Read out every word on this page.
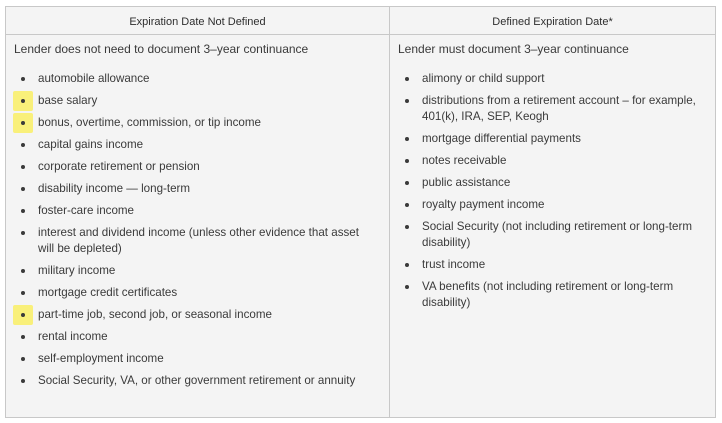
Expiration Date Not Defined
Lender does not need to document 3–year continuance
automobile allowance
base salary
bonus, overtime, commission, or tip income
capital gains income
corporate retirement or pension
disability income — long-term
foster-care income
interest and dividend income (unless other evidence that asset will be depleted)
military income
mortgage credit certificates
part-time job, second job, or seasonal income
rental income
self-employment income
Social Security, VA, or other government retirement or annuity
Defined Expiration Date*
Lender must document 3–year continuance
alimony or child support
distributions from a retirement account – for example, 401(k), IRA, SEP, Keogh
mortgage differential payments
notes receivable
public assistance
royalty payment income
Social Security (not including retirement or long-term disability)
trust income
VA benefits (not including retirement or long-term disability)
